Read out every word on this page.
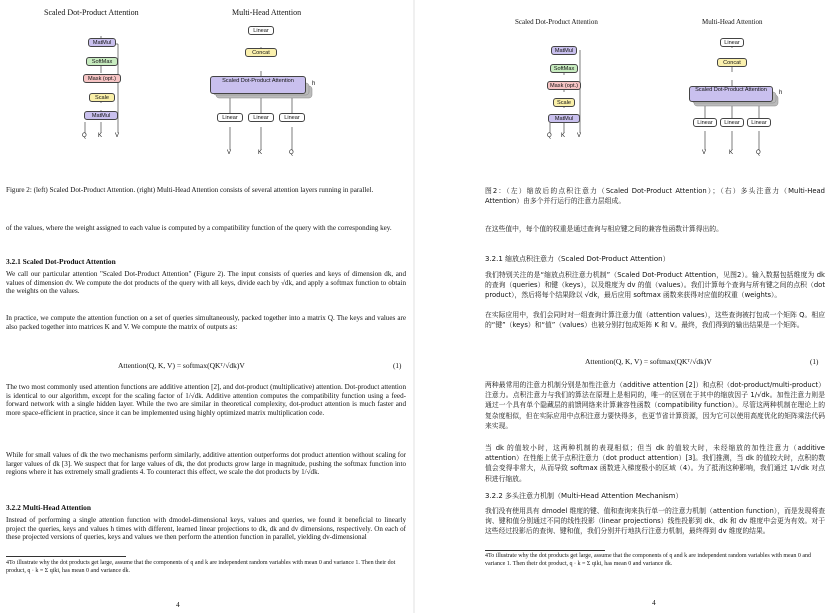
Scaled Dot-Product Attention	Multi-Head Attention
MatMul
SoftMax
Mask (opt.)
Scale
MatMul
Q K V
Linear
Concat
Scaled Dot-Product Attention	h
Linear	Linear	Linear
V	K	Q
Figure 2: (left) Scaled Dot-Product Attention. (right) Multi-Head Attention consists of several attention layers running in parallel.
of the values, where the weight assigned to each value is computed by a compatibility function of the query with the corresponding key.
3.2.1 Scaled Dot-Product Attention
We call our particular attention "Scaled Dot-Product Attention" (Figure 2). The input consists of queries and keys of dimension dk, and values of dimension dv. We compute the dot products of the query with all keys, divide each by √dk, and apply a softmax function to obtain the weights on the values.
In practice, we compute the attention function on a set of queries simultaneously, packed together into a matrix Q. The keys and values are also packed together into matrices K and V. We compute the matrix of outputs as:
Attention(Q, K, V) = softmax(QKᵀ/√dk)V	(1)
The two most commonly used attention functions are additive attention [2], and dot-product (multiplicative) attention. Dot-product attention is identical to our algorithm, except for the scaling factor of 1/√dk. Additive attention computes the compatibility function using a feed-forward network with a single hidden layer. While the two are similar in theoretical complexity, dot-product attention is much faster and more space-efficient in practice, since it can be implemented using highly optimized matrix multiplication code.
While for small values of dk the two mechanisms perform similarly, additive attention outperforms dot product attention without scaling for larger values of dk [3]. We suspect that for large values of dk, the dot products grow large in magnitude, pushing the softmax function into regions where it has extremely small gradients 4. To counteract this effect, we scale the dot products by 1/√dk.
3.2.2 Multi-Head Attention
Instead of performing a single attention function with dmodel-dimensional keys, values and queries, we found it beneficial to linearly project the queries, keys and values h times with different, learned linear projections to dk, dk and dv dimensions, respectively. On each of these projected versions of queries, keys and values we then perform the attention function in parallel, yielding dv-dimensional
4To illustrate why the dot products get large, assume that the components of q and k are independent random variables with mean 0 and variance 1. Then their dot product, q · k = Σ qiki, has mean 0 and variance dk.
4
Scaled Dot-Product Attention	Multi-Head Attention
MatMul
SoftMax
Mask (opt.)
Scale
MatMul
Q K V
Linear
Concat
Scaled Dot-Product Attention	h
Linear	Linear	Linear
V	K	Q
图2：（左）缩放后的点积注意力（Scaled Dot-Product Attention）；（右）多头注意力（Multi-Head Attention）由多个并行运行的注意力层组成。
在这些值中，每个值的权重是通过查询与相应键之间的兼容性函数计算得出的。
3.2.1 缩放点积注意力（Scaled Dot-Product Attention）
我们特别关注的是“缩放点积注意力机制”（Scaled Dot-Product Attention，见图2）。输入数据包括维度为 dk 的查询（queries）和键（keys），以及维度为 dv 的值（values）。我们计算每个查询与所有键之间的点积（dot product），然后将每个结果除以 √dk，最后应用 softmax 函数来获得对应值的权重（weights）。
在实际应用中，我们会同时对一组查询计算注意力值（attention values），这些查询被打包成一个矩阵 Q。相应的“键”（keys）和“值”（values）也被分别打包成矩阵 K 和 V。最终，我们得到的输出结果是一个矩阵。
Attention(Q, K, V) = softmax(QKᵀ/√dk)V	(1)
两种最常用的注意力机制分别是加性注意力（additive attention [2]）和点积（dot-product/multi-product）注意力。点积注意力与我们的算法在原理上是相同的，唯一的区别在于其中的缩放因子 1/√dk。加性注意力则是通过一个具有单个隐藏层的前馈网络来计算兼容性函数（compatibility function）。尽管这两种机制在理论上的复杂度相似，但在实际应用中点积注意力要快得多，也更节省计算资源，因为它可以使用高度优化的矩阵乘法代码来实现。
当 dk 的值较小时，这两种机制的表现相似；但当 dk 的值较大时，未经缩放的加性注意力（additive attention）在性能上优于点积注意力（dot product attention）[3]。我们推测，当 dk 的值较大时，点积的数值会变得非常大，从而导致 softmax 函数进入梯度极小的区域（4）。为了抵消这种影响，我们通过 1/√dk 对点积进行缩放。
3.2.2 多头注意力机制（Multi-Head Attention Mechanism）
我们没有使用具有 dmodel 维度的键、值和查询来执行单一的注意力机制（attention function），而是发现将查询、键和值分别通过不同的线性投影（linear projections）线性投影到 dk、dk 和 dv 维度中会更为有效。对于这些经过投影后的查询、键和值，我们分别并行地执行注意力机制，最终得到 dv 维度的结果。
4To illustrate why the dot products get large, assume that the components of q and k are independent random variables with mean 0 and variance 1. Then their dot product, q · k = Σ qiki, has mean 0 and variance dk.
4
